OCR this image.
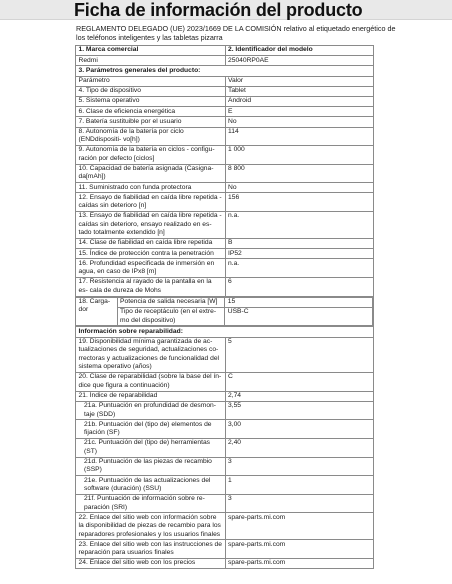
Ficha de información del producto

REGLAMENTO DELEGADO (UE) 2023/1669 DE LA COMISIÓN relativo al etiquetado energético de los teléfonos inteligentes y las tabletas pizarra

1. Marca comercial	2. Identificador del modelo
Redmi	25040RP0AE
3. Parámetros generales del producto:
Parámetro	Valor
4. Tipo de dispositivo	Tablet
5. Sistema operativo	Android
6. Clase de eficiencia energética	E
7. Batería sustituible por el usuario	No
8. Autonomía de la batería por ciclo (ENDdispositi- vo[h])	114
9. Autonomía de la batería en ciclos - configu- ración por defecto [ciclos]	1 000
10. Capacidad de batería asignada (Casigna- da[mAh])	8 800
11. Suministrado con funda protectora	No
12. Ensayo de fiabilidad en caída libre repetida - caídas sin deterioro [n]	156
13. Ensayo de fiabilidad en caída libre repetida - caídas sin deterioro, ensayo realizado en es- tado totalmente extendido [n]	n.a.
14. Clase de fiabilidad en caída libre repetida	B
15. Índice de protección contra la penetración	IP52
16. Profundidad especificada de inmersión en agua, en caso de IPx8 [m]	n.a.
17. Resistencia al rayado de la pantalla en la es- cala de dureza de Mohs	6

18. Carga- dor	Potencia de salida necesaria [W]	15
Tipo de receptáculo (en el extre- mo del dispositivo)	USB-C

Información sobre reparabilidad:
19. Disponibilidad mínima garantizada de ac- tualizaciones de seguridad, actualizaciones co- rrectoras y actualizaciones de funcionalidad del sistema operativo (años)	5
20. Clase de reparabilidad (sobre la base del ín- dice que figura a continuación)	C
21. Índice de reparabilidad	2,74
21a. Puntuación en profundidad de desmon- taje (SDD)	3,55
21b. Puntuación del (tipo de) elementos de fijación (SF)	3,00
21c. Puntuación del (tipo de) herramientas (ST)	2,40
21d. Puntuación de las piezas de recambio (SSP)	3
21e. Puntuación de las actualizaciones del software (duración) (SSU)	1
21f. Puntuación de información sobre re- paración (SRI)	3
22. Enlace del sitio web con información sobre la disponibilidad de piezas de recambio para los reparadores profesionales y los usuarios finales	spare-parts.mi.com
23. Enlace del sitio web con las instrucciones de reparación para usuarios finales	spare-parts.mi.com
24. Enlace del sitio web con los precios	spare-parts.mi.com
